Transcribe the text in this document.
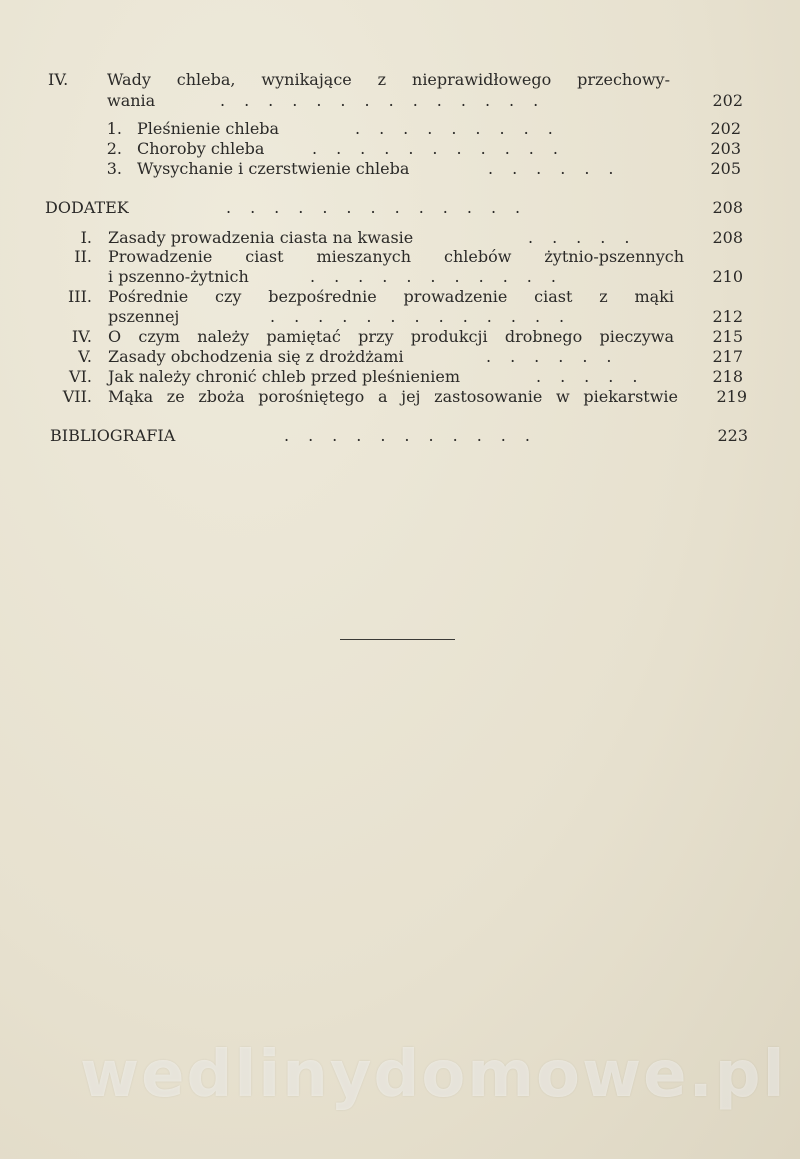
IV.	Wady chleba, wynikające z nieprawidłowego przechowy-
wania	..............	202
1. Pleśnienie chleba	.........	202
2. Choroby chleba	...........	203
3. Wysychanie i czerstwienie chleba	......	205
DODATEK	.............	208
I. Zasady prowadzenia ciasta na kwasie	.....	208
II. Prowadzenie ciast mieszanych chlebów żytnio-pszennych
i pszenno-żytnich	...........	210
III. Pośrednie czy bezpośrednie prowadzenie ciast z mąki
pszennej	.............	212
IV. O czym należy pamiętać przy produkcji drobnego pieczywa	215
V. Zasady obchodzenia się z drożdżami	......	217
VI. Jak należy chronić chleb przed pleśnieniem	.....	218
VII. Mąka ze zboża porośniętego a jej zastosowanie w piekarstwie	219
BIBLIOGRAFIA	...........	223
wedlinydomowe.pl
